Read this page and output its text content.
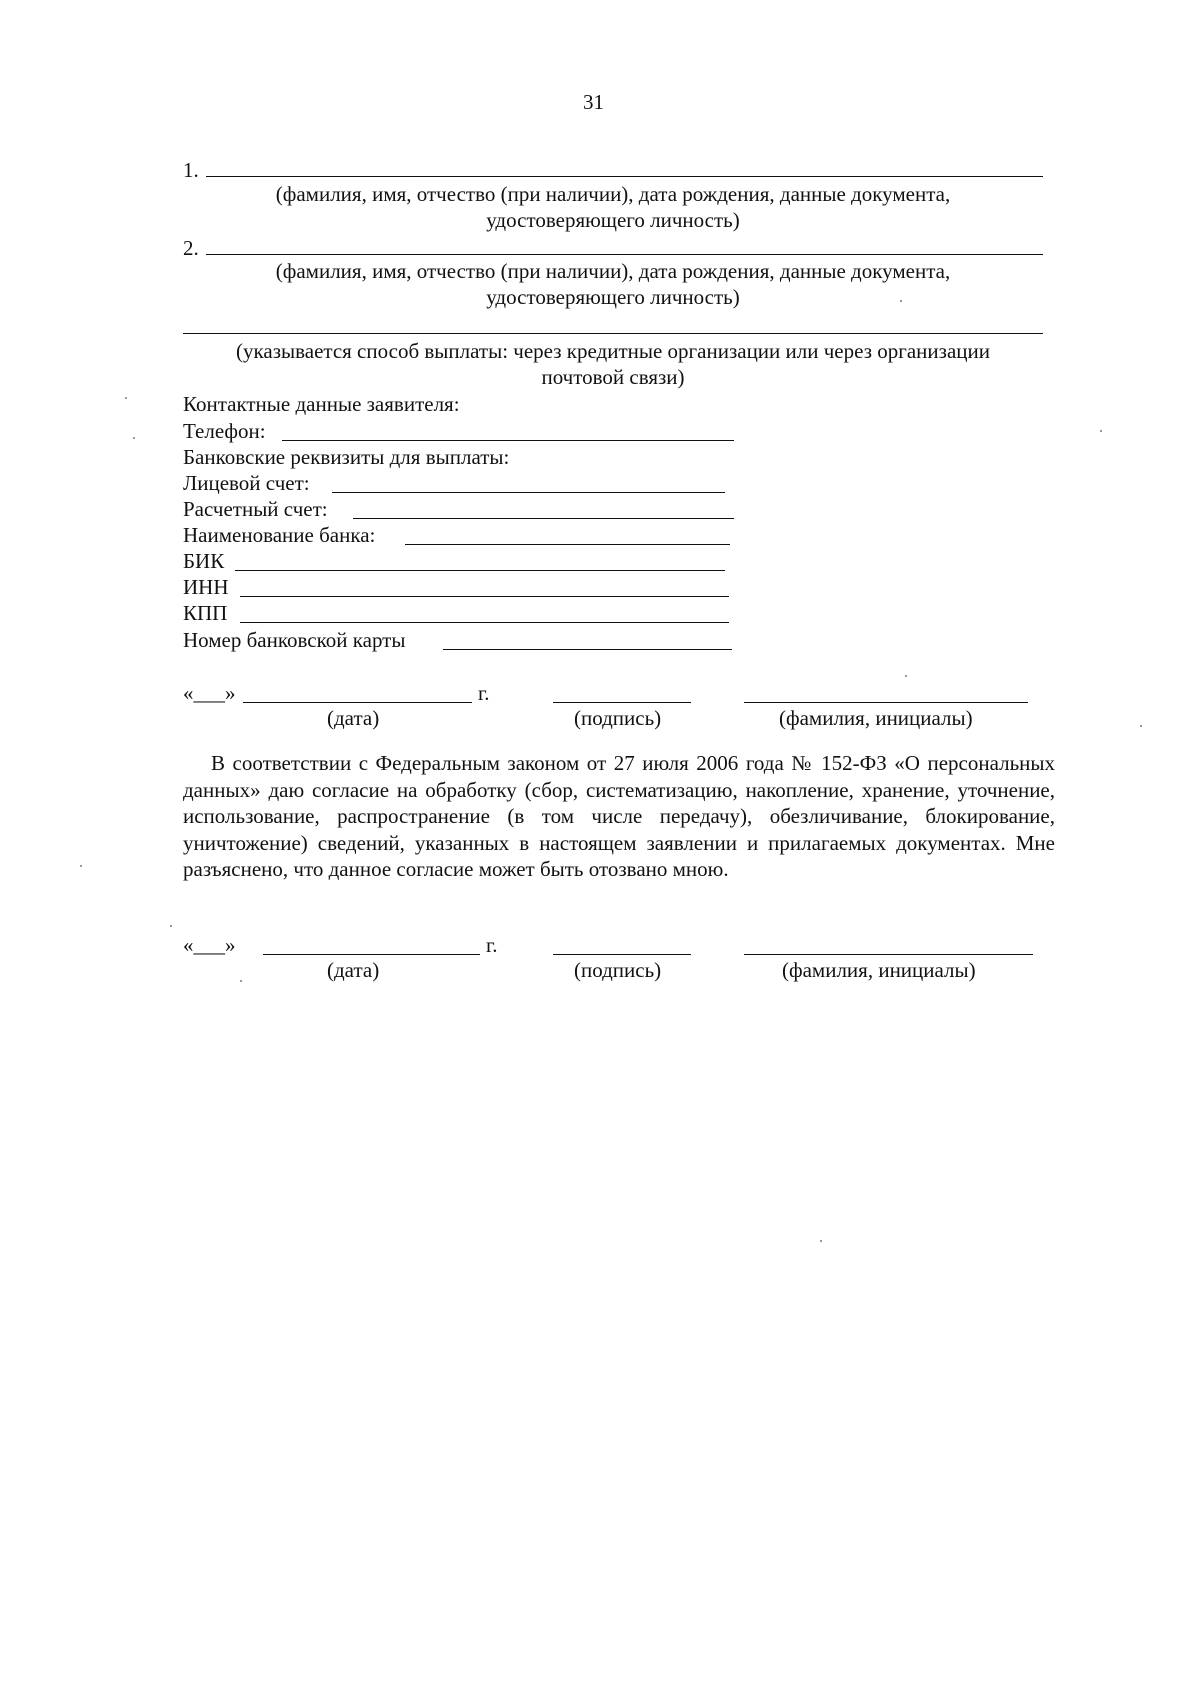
31
1.
(фамилия, имя, отчество (при наличии), дата рождения, данные документа,
удостоверяющего личность)
2.
(фамилия, имя, отчество (при наличии), дата рождения, данные документа,
удостоверяющего личность)
(указывается способ выплаты: через кредитные организации или через организации
почтовой связи)
Контактные данные заявителя:
Телефон:
Банковские реквизиты для выплаты:
Лицевой счет:
Расчетный счет:
Наименование банка:
БИК
ИНН
КПП
Номер банковской карты
«___»	г.
(дата)	(подпись)	(фамилия, инициалы)
В соответствии с Федеральным законом от 27 июля 2006 года № 152-ФЗ «О персональных данных» даю согласие на обработку (сбор, систематизацию, накопление, хранение, уточнение, использование, распространение (в том числе передачу), обезличивание, блокирование, уничтожение) сведений, указанных в настоящем заявлении и прилагаемых документах. Мне разъяснено, что данное согласие может быть отозвано мною.
«___»	г.
(дата)	(подпись)	(фамилия, инициалы)
